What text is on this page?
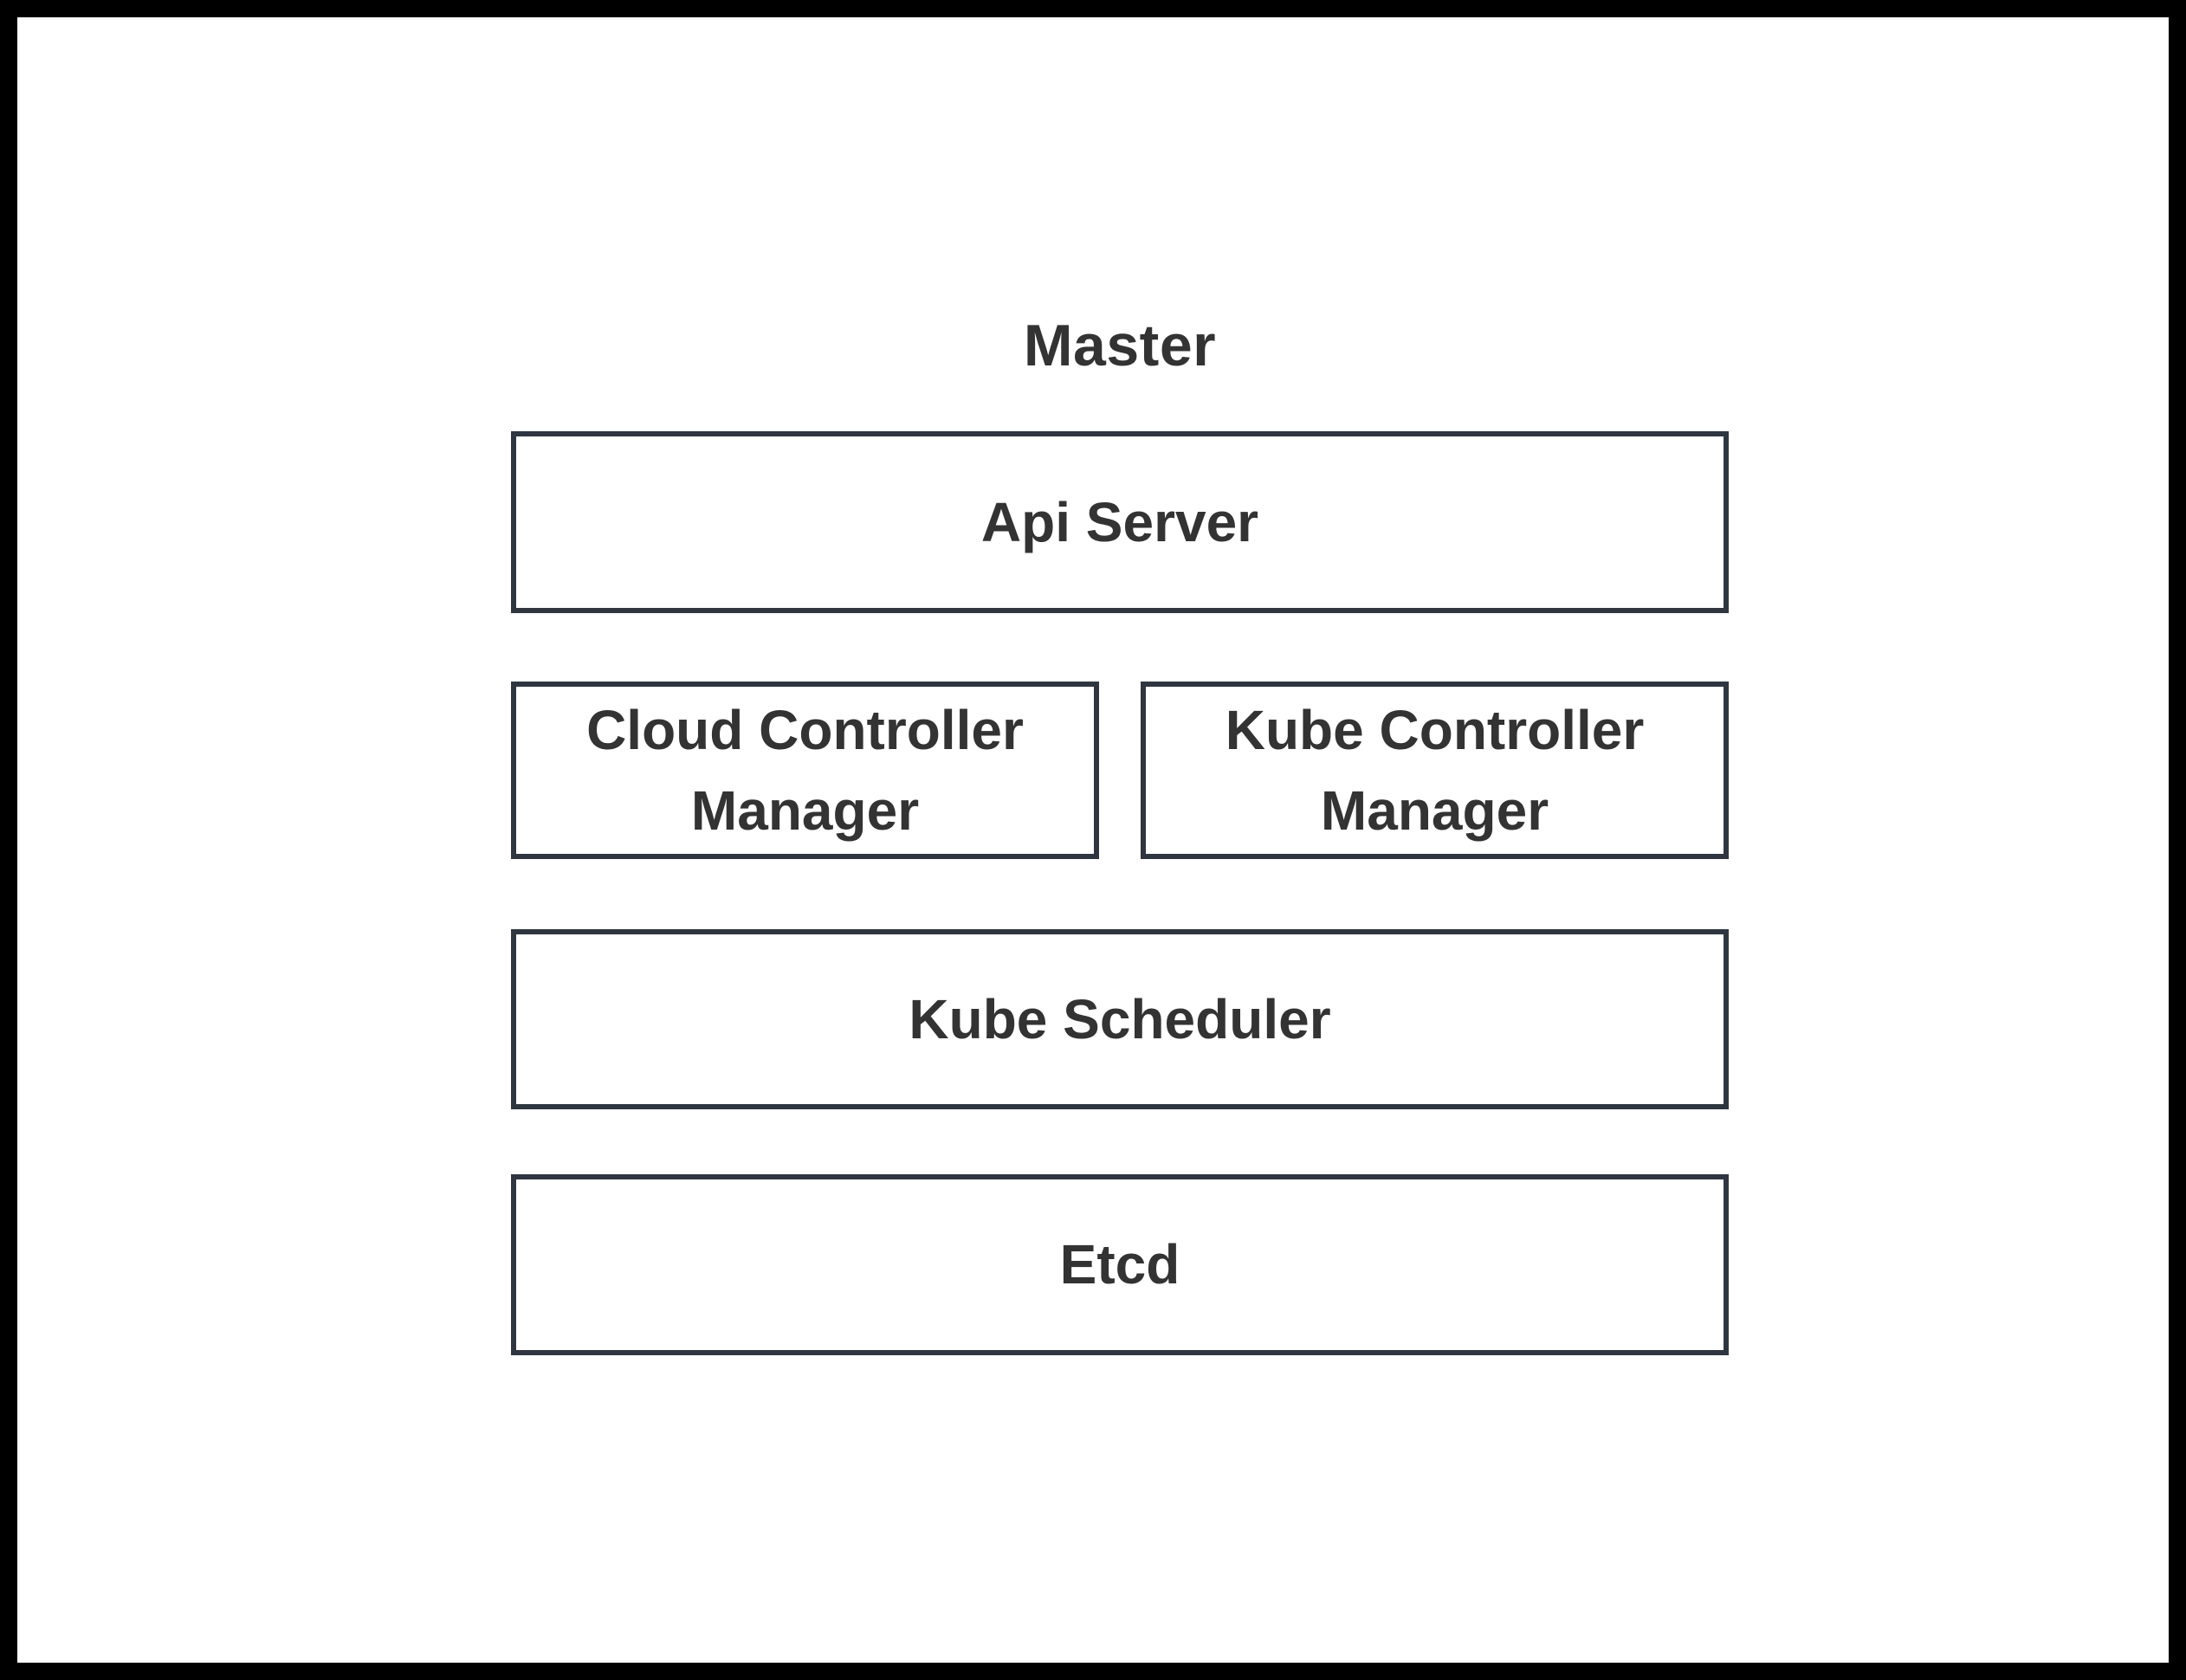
Master
Api Server
Cloud Controller Manager
Kube Controller Manager
Kube Scheduler
Etcd
